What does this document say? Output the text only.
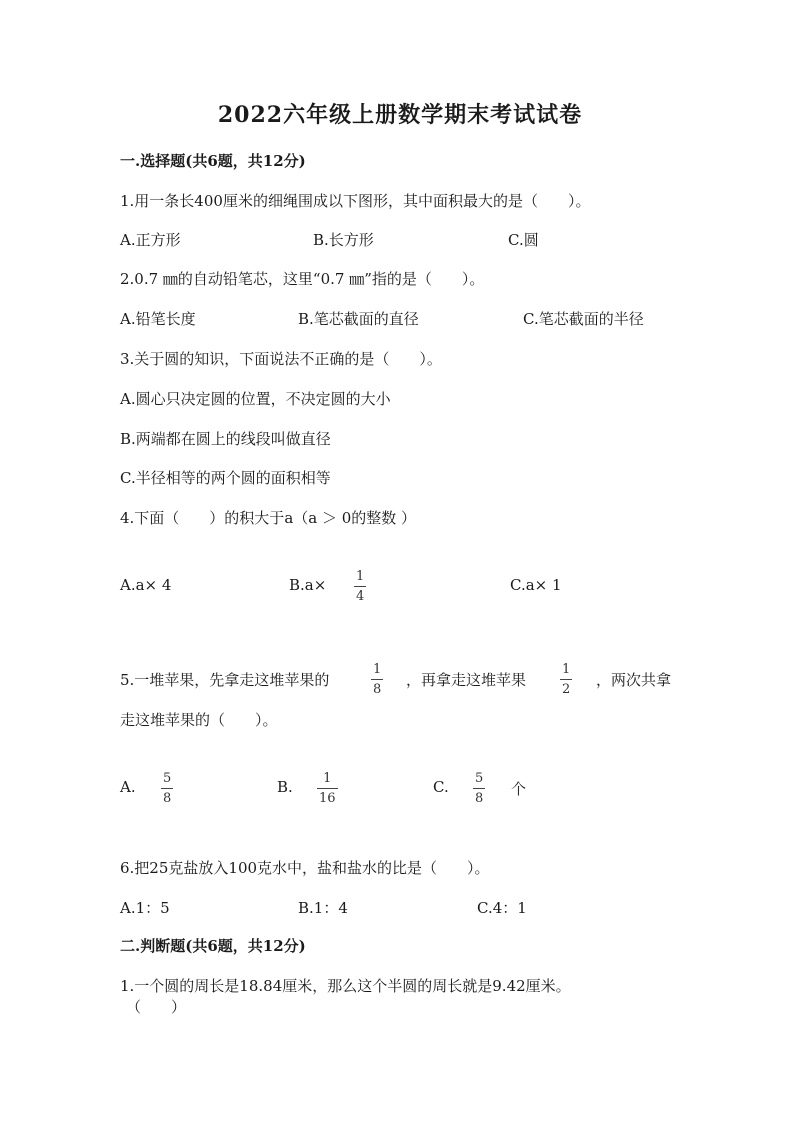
2022六年级上册数学期末考试试卷
一.选择题(共6题，共12分)
1.用一条长400厘米的细绳围成以下图形，其中面积最大的是（　　）。
A.正方形	B.长方形	C.圆
2.0.7 ㎜的自动铅笔芯，这里“0.7 ㎜”指的是（　　）。
A.铅笔长度	B.笔芯截面的直径	C.笔芯截面的半径
3.关于圆的知识，下面说法不正确的是（　　）。
A.圆心只决定圆的位置，不决定圆的大小
B.两端都在圆上的线段叫做直径
C.半径相等的两个圆的面积相等
4.下面（　　）的积大于a（a ＞ 0的整数 ）
A.a× 4	B.a× 1
4
C.a× 1
5.一堆苹果，先拿走这堆苹果的
1
8
，再拿走这堆苹果
1
2
，两次共拿
走这堆苹果的（　　）。
A. 5
8
B. 1
16
C. 5
8
个
6.把25克盐放入100克水中，盐和盐水的比是（　　）。
A.1：5	B.1：4	C.4：1
二.判断题(共6题，共12分)
1.一个圆的周长是18.84厘米，那么这个半圆的周长就是9.42厘米。
（　　）
